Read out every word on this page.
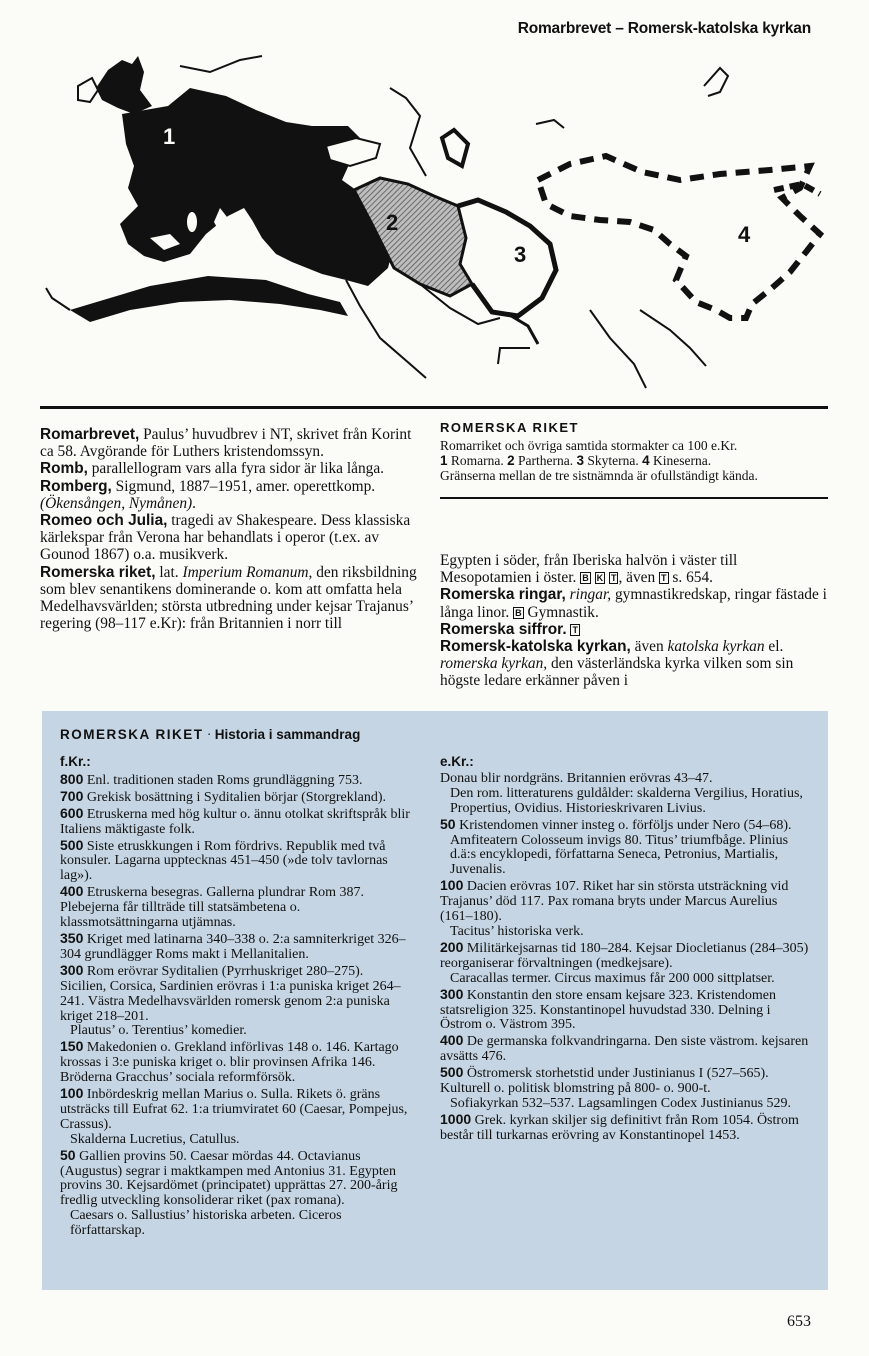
Romarbrevet – Romersk-katolska kyrkan
1
2
3
4

Romarbrevet, Paulus’ huvudbrev i NT, skrivet från Korint ca 58. Avgörande för Luthers kristendomssyn.

Romb, parallellogram vars alla fyra sidor är lika långa.

Romberg, Sigmund, 1887–1951, amer. operettkomp. (Ökensången, Nymånen).

Romeo och Julia, tragedi av Shakespeare. Dess klassiska kärlekspar från Verona har behandlats i operor (t.ex. av Gounod 1867) o.a. musikverk.

Romerska riket, lat. Imperium Romanum, den riksbildning som blev senantikens dominerande o. kom att omfatta hela Medelhavsvärlden; största utbredning under kejsar Trajanus’ regering (98–117 e.Kr): från Britannien i norr till

ROMERSKA RIKET
Romarriket och övriga samtida stormakter ca 100 e.Kr.
1 Romarna. 2 Partherna. 3 Skyterna. 4 Kineserna.
Gränserna mellan de tre sistnämnda är ofullständigt kända.

Egypten i söder, från Iberiska halvön i väster till Mesopotamien i öster. B K T , även T s. 654.

Romerska ringar, ringar, gymnastikredskap, ringar fästade i långa linor. B Gymnastik.

Romerska siffror. T

Romersk-katolska kyrkan, även katolska kyrkan el. romerska kyrkan, den västerländska kyrka vilken som sin högste ledare erkänner påven i

ROMERSKA RIKET · Historia i sammandrag
f.Kr.:

800 Enl. traditionen staden Roms grundläggning 753.

700 Grekisk bosättning i Syditalien börjar (Storgrekland).

600 Etruskerna med hög kultur o. ännu otolkat skriftspråk blir Italiens mäktigaste folk.

500 Siste etruskkungen i Rom fördrivs. Republik med två konsuler. Lagarna upptecknas 451–450 (»de tolv tavlornas lag»).

400 Etruskerna besegras. Gallerna plundrar Rom 387. Plebejerna får tillträde till statsämbetena o. klassmotsättningarna utjämnas.

350 Kriget med latinarna 340–338 o. 2:a samniterkriget 326–304 grundlägger Roms makt i Mellanitalien.

300 Rom erövrar Syditalien (Pyrrhuskriget 280–275). Sicilien, Corsica, Sardinien erövras i 1:a puniska kriget 264–241. Västra Medelhavsvärlden romersk genom 2:a puniska kriget 218–201.

Plautus’ o. Terentius’ komedier.

150 Makedonien o. Grekland införlivas 148 o. 146. Kartago krossas i 3:e puniska kriget o. blir provinsen Afrika 146. Bröderna Gracchus’ sociala reformförsök.

100 Inbördeskrig mellan Marius o. Sulla. Rikets ö. gräns utsträcks till Eufrat 62. 1:a triumviratet 60 (Caesar, Pompejus, Crassus).

Skalderna Lucretius, Catullus.

50 Gallien provins 50. Caesar mördas 44. Octavianus (Augustus) segrar i maktkampen med Antonius 31. Egypten provins 30. Kejsardömet (principatet) upprättas 27. 200-årig fredlig utveckling konsoliderar riket (pax romana).

Caesars o. Sallustius’ historiska arbeten. Ciceros författarskap.

e.Kr.:

Donau blir nordgräns. Britannien erövras 43–47.

Den rom. litteraturens guldålder: skalderna Vergilius, Horatius, Propertius, Ovidius. Historieskrivaren Livius.

50 Kristendomen vinner insteg o. förföljs under Nero (54–68).

Amfiteatern Colosseum invigs 80. Titus’ triumfbåge. Plinius d.ä:s encyklopedi, författarna Seneca, Petronius, Martialis, Juvenalis.

100 Dacien erövras 107. Riket har sin största utsträckning vid Trajanus’ död 117. Pax romana bryts under Marcus Aurelius (161–180).

Tacitus’ historiska verk.

200 Militärkejsarnas tid 180–284. Kejsar Diocletianus (284–305) reorganiserar förvaltningen (medkejsare).

Caracallas termer. Circus maximus får 200 000 sittplatser.

300 Konstantin den store ensam kejsare 323. Kristendomen statsreligion 325. Konstantinopel huvudstad 330. Delning i Östrom o. Västrom 395.

400 De germanska folkvandringarna. Den siste västrom. kejsaren avsätts 476.

500 Östromersk storhetstid under Justinianus I (527–565). Kulturell o. politisk blomstring på 800- o. 900-t.

Sofiakyrkan 532–537. Lagsamlingen Codex Justinianus 529.

1000 Grek. kyrkan skiljer sig definitivt från Rom 1054. Östrom består till turkarnas erövring av Konstantinopel 1453.

653
